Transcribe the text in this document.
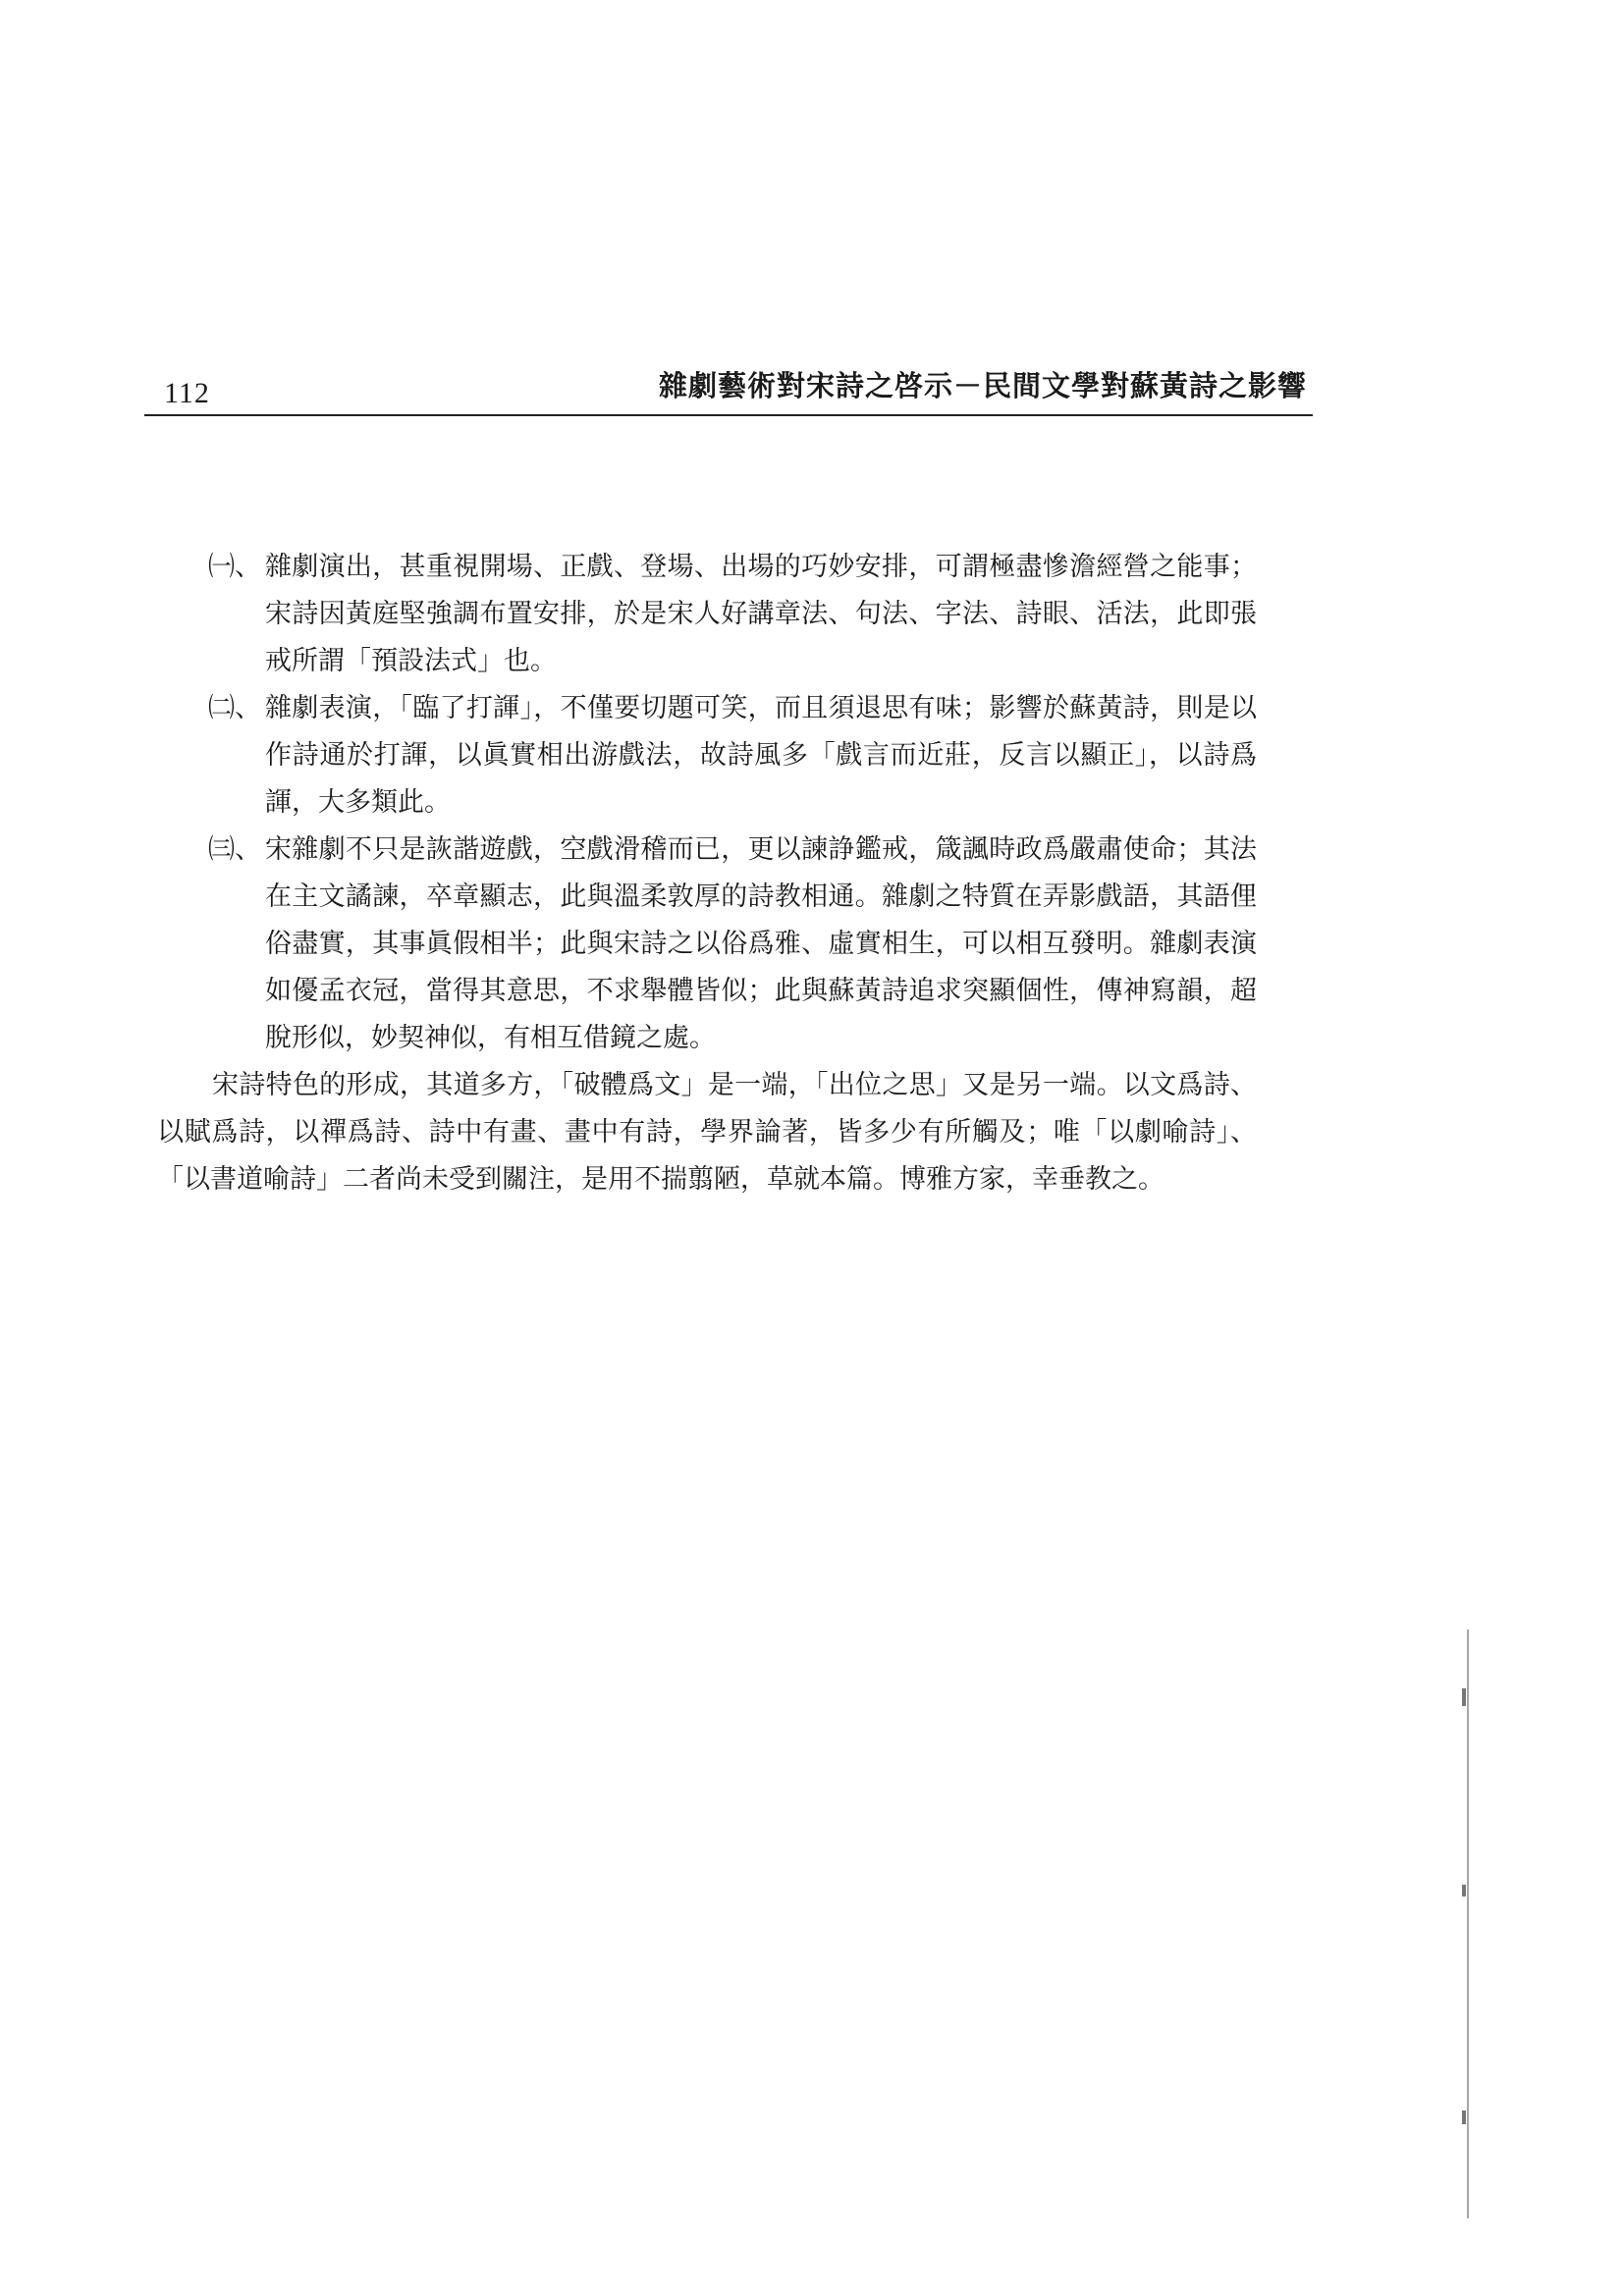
112	雜劇藝術對宋詩之啓示－民間文學對蘇黃詩之影響
㈠、 雜劇演出，甚重視開場、正戲、登場、出場的巧妙安排，可謂極盡慘澹經營之能事；宋詩因黃庭堅強調布置安排，於是宋人好講章法、句法、字法、詩眼、活法，此即張戒所謂「預設法式」也。
㈡、 雜劇表演，「臨了打諢」，不僅要切題可笑，而且須退思有味；影響於蘇黃詩，則是以作詩通於打諢，以眞實相出游戲法，故詩風多「戲言而近莊，反言以顯正」，以詩爲諢，大多類此。
㈢、 宋雜劇不只是詼諧遊戲，空戲滑稽而已，更以諫諍鑑戒，箴諷時政爲嚴肅使命；其法在主文譎諫，卒章顯志，此與溫柔敦厚的詩教相通。雜劇之特質在弄影戲語，其語俚俗盡實，其事眞假相半；此與宋詩之以俗爲雅、虛實相生，可以相互發明。雜劇表演如優孟衣冠，當得其意思，不求舉體皆似；此與蘇黃詩追求突顯個性，傳神寫韻，超脫形似，妙契神似，有相互借鏡之處。

宋詩特色的形成，其道多方，「破體爲文」是一端，「出位之思」又是另一端。以文爲詩、以賦爲詩，以禪爲詩、詩中有畫、畫中有詩，學界論著，皆多少有所觸及；唯「以劇喻詩」、「以書道喻詩」二者尚未受到關注，是用不揣翦陋，草就本篇。博雅方家，幸垂教之。
